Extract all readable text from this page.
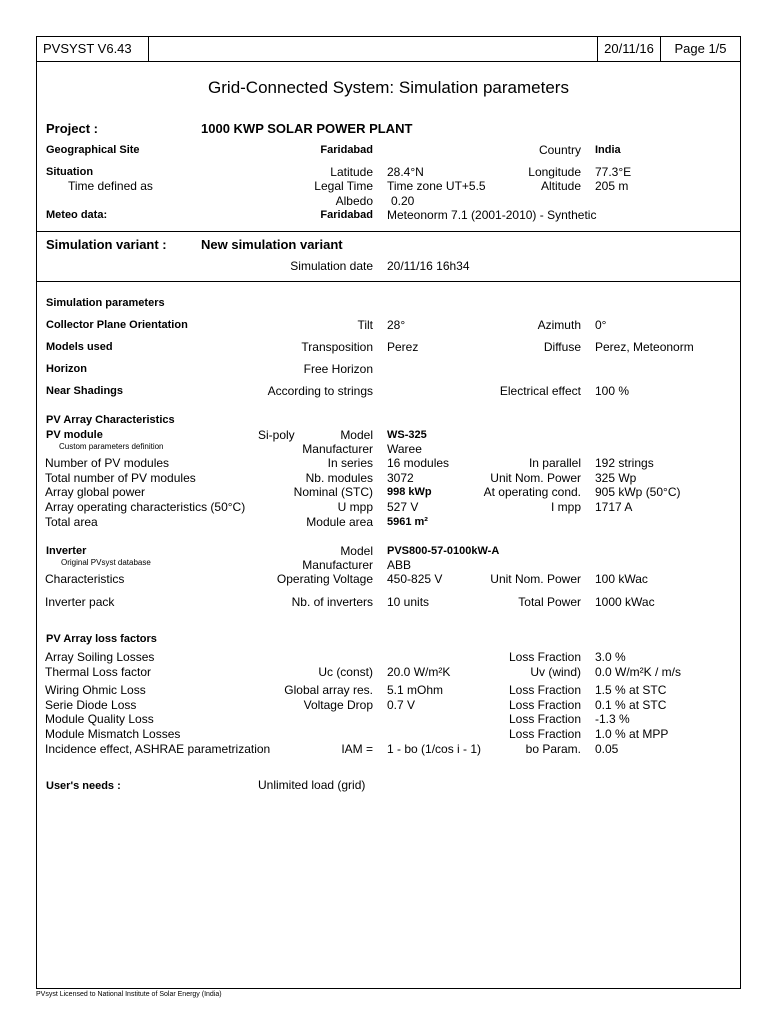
PVSYST V6.43	20/11/16	Page 1/5
Grid-Connected System: Simulation parameters
Project :	1000 KWP SOLAR POWER PLANT
Geographical Site	Faridabad	Country India
Situation	Latitude 28.4°N	Longitude 77.3°E
Time defined as	Legal Time Time zone UT+5.5	Altitude 205 m
Albedo 0.20
Meteo data:	Faridabad Meteonorm 7.1 (2001-2010) - Synthetic
Simulation variant :	New simulation variant
Simulation date 20/11/16 16h34
Simulation parameters
Collector Plane Orientation	Tilt 28°	Azimuth 0°
Models used	Transposition Perez	Diffuse Perez, Meteonorm
Horizon	Free Horizon
Near Shadings	According to strings	Electrical effect 100 %
PV Array Characteristics
PV module	Si-poly	Model WS-325
Custom parameters definition	Manufacturer Waree
Number of PV modules	In series 16 modules	In parallel 192 strings
Total number of PV modules	Nb. modules 3072	Unit Nom. Power 325 Wp
Array global power	Nominal (STC) 998 kWp	At operating cond. 905 kWp (50°C)
Array operating characteristics (50°C)	U mpp 527 V	I mpp 1717 A
Total area	Module area 5961 m²
Inverter	Model PVS800-57-0100kW-A
Original PVsyst database	Manufacturer ABB
Characteristics	Operating Voltage 450-825 V	Unit Nom. Power 100 kWac
Inverter pack	Nb. of inverters 10 units	Total Power 1000 kWac
PV Array loss factors
Array Soiling Losses	Loss Fraction 3.0 %
Thermal Loss factor	Uc (const) 20.0 W/m²K	Uv (wind) 0.0 W/m²K / m/s
Wiring Ohmic Loss	Global array res. 5.1 mOhm	Loss Fraction 1.5 % at STC
Serie Diode Loss	Voltage Drop 0.7 V	Loss Fraction 0.1 % at STC
Module Quality Loss	Loss Fraction -1.3 %
Module Mismatch Losses	Loss Fraction 1.0 % at MPP
Incidence effect, ASHRAE parametrization	IAM = 1 - bo (1/cos i - 1)	bo Param. 0.05
User's needs :	Unlimited load (grid)
PVsyst Licensed to National Institute of Solar Energy (India)
